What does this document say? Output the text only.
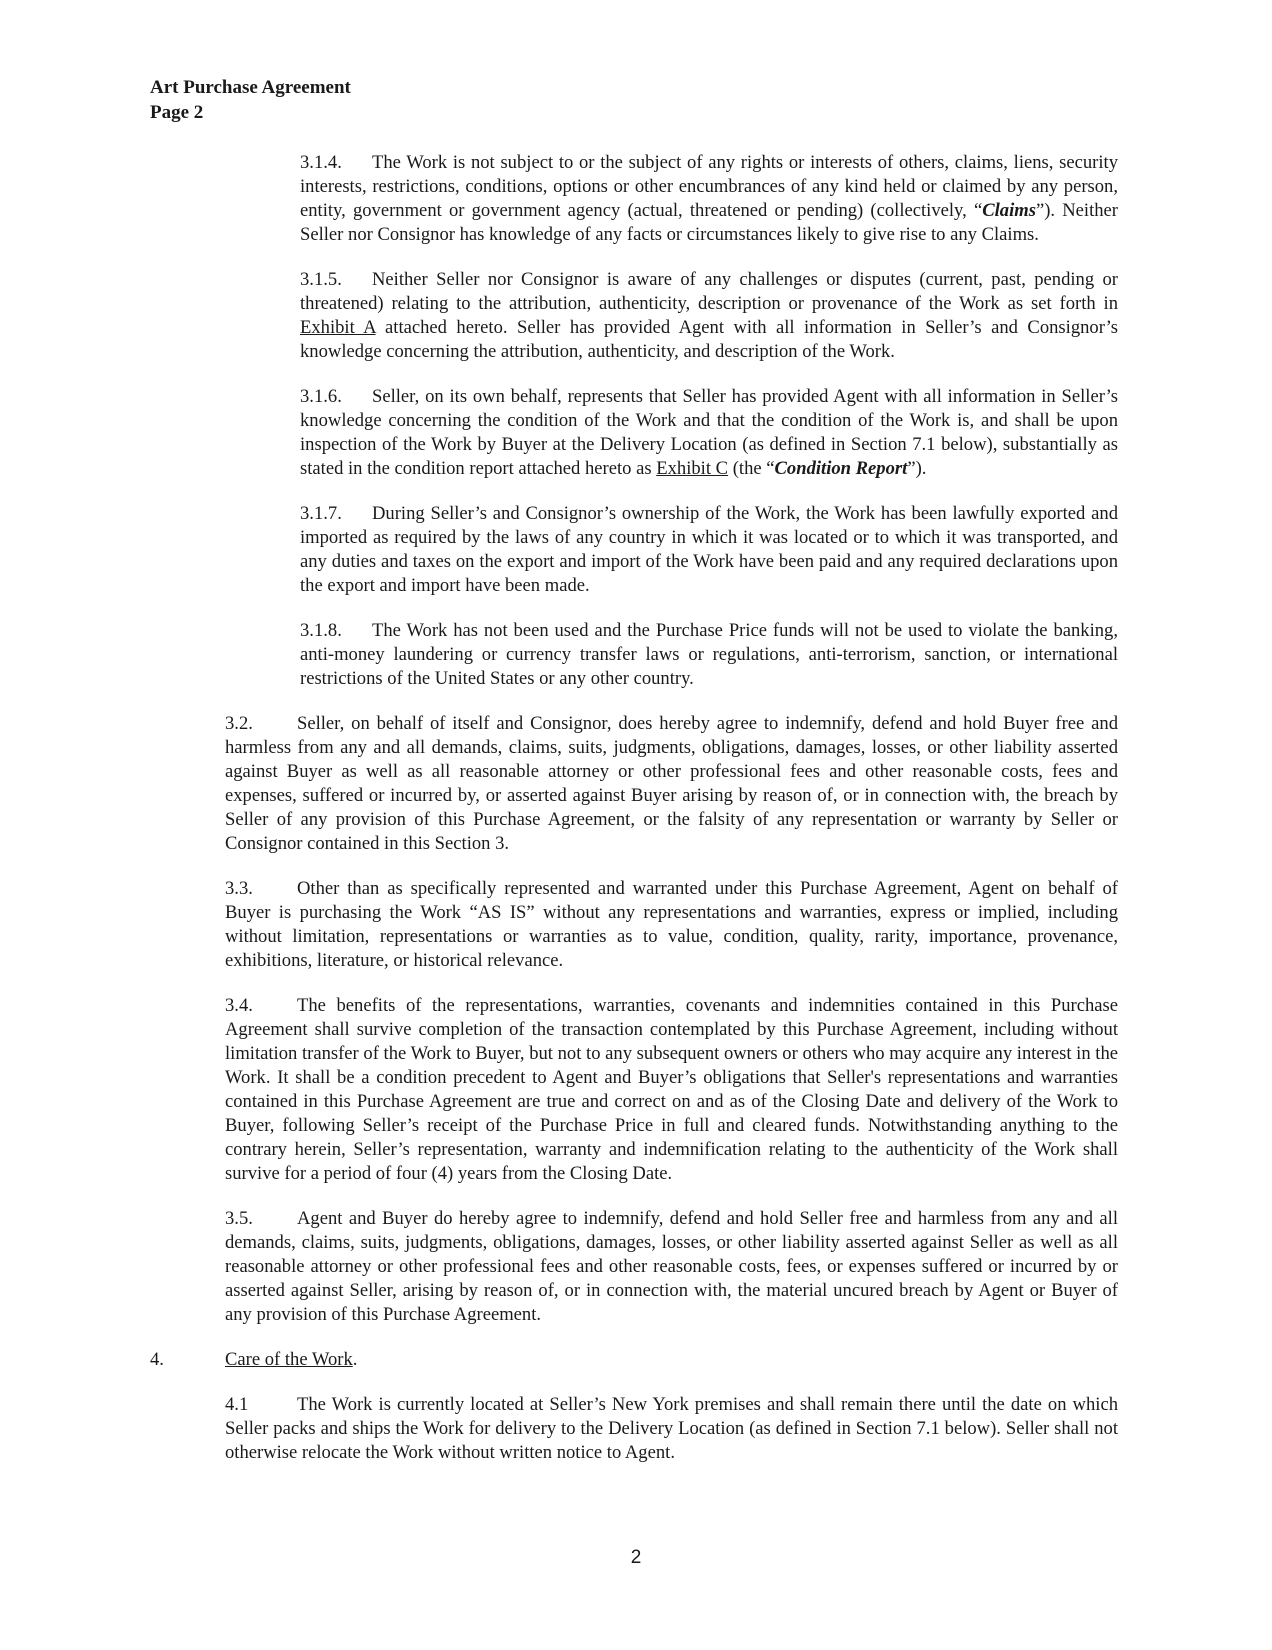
Art Purchase Agreement
Page 2

3.1.4. The Work is not subject to or the subject of any rights or interests of others, claims, liens, security interests, restrictions, conditions, options or other encumbrances of any kind held or claimed by any person, entity, government or government agency (actual, threatened or pending) (collectively, “Claims”). Neither Seller nor Consignor has knowledge of any facts or circumstances likely to give rise to any Claims.

3.1.5. Neither Seller nor Consignor is aware of any challenges or disputes (current, past, pending or threatened) relating to the attribution, authenticity, description or provenance of the Work as set forth in Exhibit A attached hereto. Seller has provided Agent with all information in Seller’s and Consignor’s knowledge concerning the attribution, authenticity, and description of the Work.

3.1.6. Seller, on its own behalf, represents that Seller has provided Agent with all information in Seller’s knowledge concerning the condition of the Work and that the condition of the Work is, and shall be upon inspection of the Work by Buyer at the Delivery Location (as defined in Section 7.1 below), substantially as stated in the condition report attached hereto as Exhibit C (the “Condition Report”).

3.1.7. During Seller’s and Consignor’s ownership of the Work, the Work has been lawfully exported and imported as required by the laws of any country in which it was located or to which it was transported, and any duties and taxes on the export and import of the Work have been paid and any required declarations upon the export and import have been made.

3.1.8. The Work has not been used and the Purchase Price funds will not be used to violate the banking, anti-money laundering or currency transfer laws or regulations, anti-terrorism, sanction, or international restrictions of the United States or any other country.

3.2. Seller, on behalf of itself and Consignor, does hereby agree to indemnify, defend and hold Buyer free and harmless from any and all demands, claims, suits, judgments, obligations, damages, losses, or other liability asserted against Buyer as well as all reasonable attorney or other professional fees and other reasonable costs, fees and expenses, suffered or incurred by, or asserted against Buyer arising by reason of, or in connection with, the breach by Seller of any provision of this Purchase Agreement, or the falsity of any representation or warranty by Seller or Consignor contained in this Section 3.

3.3. Other than as specifically represented and warranted under this Purchase Agreement, Agent on behalf of Buyer is purchasing the Work “AS IS” without any representations and warranties, express or implied, including without limitation, representations or warranties as to value, condition, quality, rarity, importance, provenance, exhibitions, literature, or historical relevance.

3.4. The benefits of the representations, warranties, covenants and indemnities contained in this Purchase Agreement shall survive completion of the transaction contemplated by this Purchase Agreement, including without limitation transfer of the Work to Buyer, but not to any subsequent owners or others who may acquire any interest in the Work. It shall be a condition precedent to Agent and Buyer’s obligations that Seller's representations and warranties contained in this Purchase Agreement are true and correct on and as of the Closing Date and delivery of the Work to Buyer, following Seller’s receipt of the Purchase Price in full and cleared funds. Notwithstanding anything to the contrary herein, Seller’s representation, warranty and indemnification relating to the authenticity of the Work shall survive for a period of four (4) years from the Closing Date.

3.5. Agent and Buyer do hereby agree to indemnify, defend and hold Seller free and harmless from any and all demands, claims, suits, judgments, obligations, damages, losses, or other liability asserted against Seller as well as all reasonable attorney or other professional fees and other reasonable costs, fees, or expenses suffered or incurred by or asserted against Seller, arising by reason of, or in connection with, the material uncured breach by Agent or Buyer of any provision of this Purchase Agreement.

4.	Care of the Work.

4.1	The Work is currently located at Seller’s New York premises and shall remain there until the date on which Seller packs and ships the Work for delivery to the Delivery Location (as defined in Section 7.1 below). Seller shall not otherwise relocate the Work without written notice to Agent.

2
